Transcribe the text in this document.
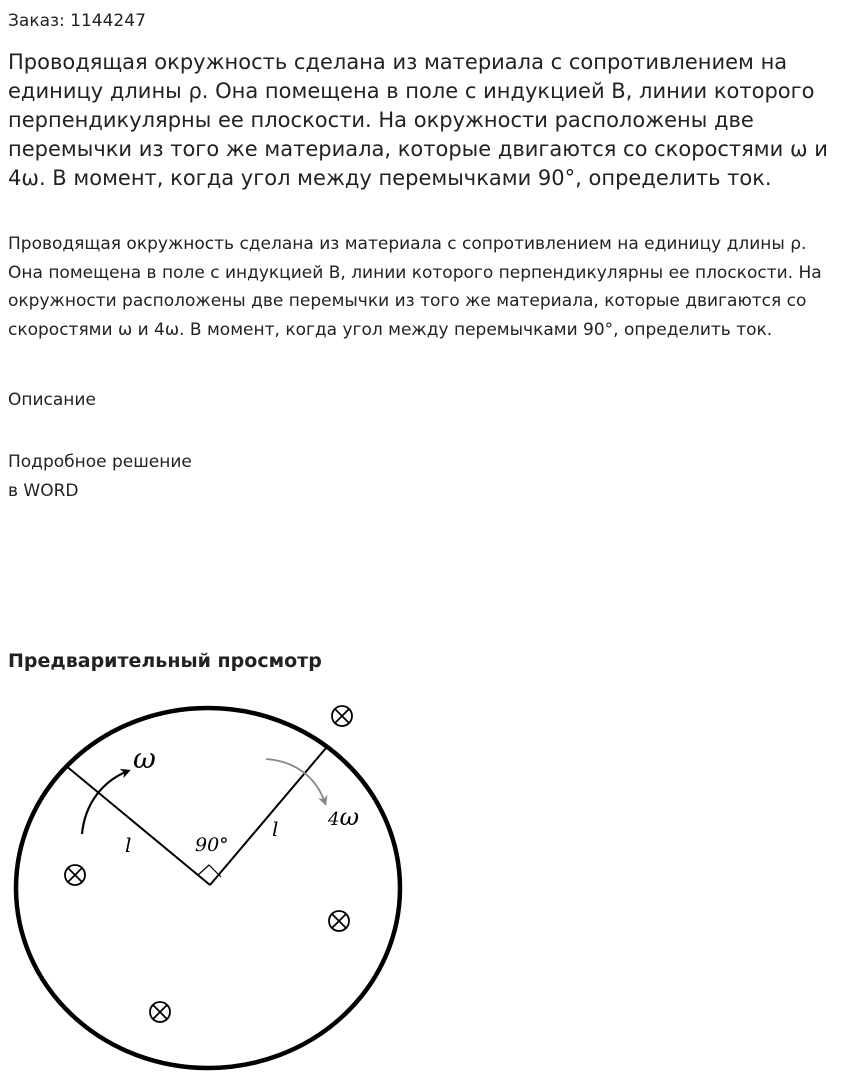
Заказ: 1144247

Проводящая окружность сделана из материала с сопротивлением на единицу длины ρ. Она помещена в поле с индукцией В, линии которого перпендикулярны ее плоскости. На окружности расположены две перемычки из того же материала, которые двигаются со скоростями ω и 4ω. В момент, когда угол между перемычками 90°, определить ток.

Проводящая окружность сделана из материала с сопротивлением на единицу длины ρ. Она помещена в поле с индукцией В, линии которого перпендикулярны ее плоскости. На окружности расположены две перемычки из того же материала, которые двигаются со скоростями ω и 4ω. В момент, когда угол между перемычками 90°, определить ток.

Описание

Подробное решение
в WORD
Предварительный просмотр
ω
4ω
90°
l
l
